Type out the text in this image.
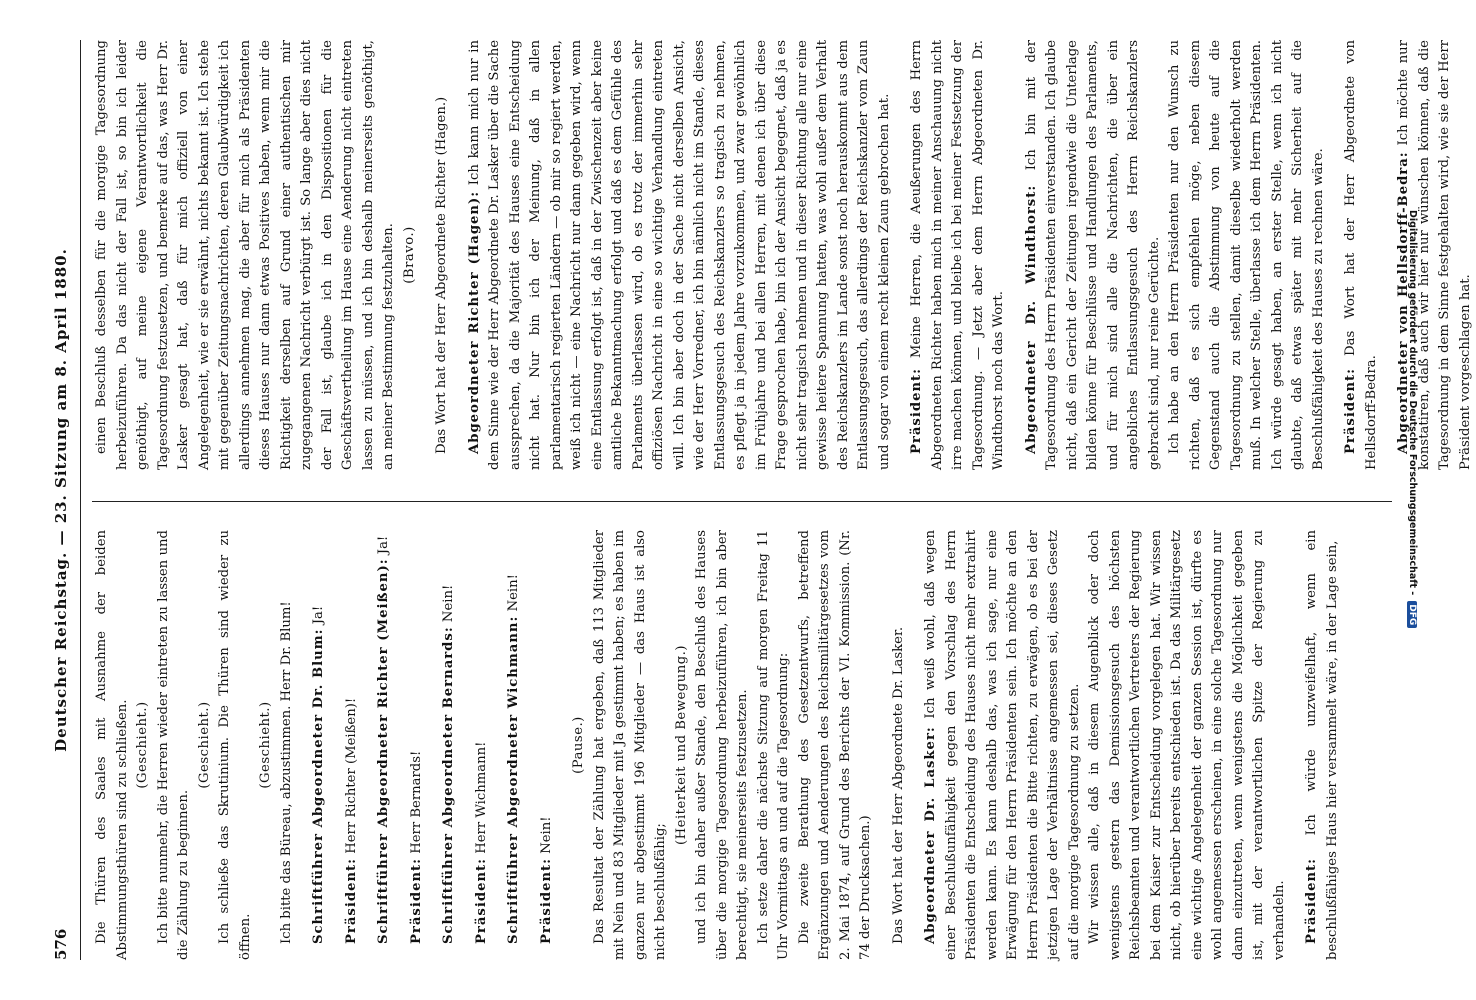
576
Deutscher Reichstag. — 23. Sitzung am 8. April 1880. Die Thüren des Saales mit Ausnahme der beiden Abstimmungsthüren sind zu schließen. (Geschieht.) Ich bitte nunmehr, die Herren wieder eintreten zu lassen und die Zählung zu beginnen.

(Geschieht.) Ich schließe das Skrutinium. Die Thüren sind wieder zu öffnen.

(Geschieht.) Ich bitte das Büreau, abzustimmen. Herr Dr. Blum! Schriftführer Abgeordneter Dr. Blum: Ja!

Präsident: Herr Richter (Meißen)! Schriftführer Abgeordneter Richter (Meißen): Ja!

Präsident: Herr Bernards! Schriftführer Abgeordneter Bernards: Nein!

Präsident: Herr Wichmann! Schriftführer Abgeordneter Wichmann: Nein!

Präsident: Nein!

(Pause.) Das Resultat der Zählung hat ergeben, daß 113 Mitglieder mit Nein und 83 Mitglieder mit Ja gestimmt haben; es haben im ganzen nur abgestimmt 196 Mitglieder — das Haus ist also nicht beschlußfähig;

(Heiterkeit und Bewegung.) und ich bin daher außer Stande, den Beschluß des Hauses über die morgige Tagesordnung herbeizuführen, ich bin aber berechtigt, sie meinerseits festzusetzen. Ich setze daher die nächste Sitzung auf morgen Freitag 11 Uhr Vormittags an und auf die Tagesordnung: Die zweite Berathung des Gesetzentwurfs, betreffend Ergänzungen und Aenderungen des Reichsmilitärgesetzes vom 2. Mai 1874, auf Grund des Berichts der VI. Kommission. (Nr. 74 der Drucksachen.) Das Wort hat der Herr Abgeordnete Dr. Lasker. Abgeordneter Dr. Lasker: Ich weiß wohl, daß wegen einer Beschlußunfähigkeit gegen den Vorschlag des Herrn Präsidenten die Entscheidung des Hauses nicht mehr extrahirt werden kann. Es kann deshalb das, was ich sage, nur eine Erwägung für den Herrn Präsidenten sein. Ich möchte an den Herrn Präsidenten die Bitte richten, zu erwägen, ob es bei der jetzigen Lage der Verhältnisse angemessen sei, dieses Gesetz auf die morgige Tagesordnung zu setzen. Wir wissen alle, daß in diesem Augenblick oder doch wenigstens gestern das Demissionsgesuch des höchsten Reichsbeamten und verantwortlichen Vertreters der Regierung bei dem Kaiser zur Entscheidung vorgelegen hat. Wir wissen nicht, ob hierüber bereits entschieden ist. Da das Militärgesetz eine wichtige Angelegenheit der ganzen Session ist, dürfte es wohl angemessen erscheinen, in eine solche Tagesordnung nur dann einzutreten, wenn wenigstens die Möglichkeit gegeben ist, mit der verantwortlichen Spitze der Regierung zu verhandeln. Präsident: Ich würde unzweifelhaft, wenn ein beschlußfähiges Haus hier versammelt wäre, in der Lage sein,

einen Beschluß desselben für die morgige Tagesordnung herbeizuführen. Da das nicht der Fall ist, so bin ich leider genöthigt, auf meine eigene Verantwortlichkeit die Tagesordnung festzusetzen, und bemerke auf das, was Herr Dr. Lasker gesagt hat, daß für mich offiziell von einer Angelegenheit, wie er sie erwähnt, nichts bekannt ist. Ich stehe mit gegenüber Zeitungsnachrichten, deren Glaubwürdigkeit ich allerdings annehmen mag, die aber für mich als Präsidenten dieses Hauses nur dann etwas Positives haben, wenn mir die Richtigkeit derselben auf Grund einer authentischen mir zugegangenen Nachricht verbürgt ist. So lange aber dies nicht der Fall ist, glaube ich in den Dispositionen für die Geschäftsvertheilung im Hause eine Aenderung nicht eintreten lassen zu müssen, und ich bin deshalb meinerseits genöthigt, an meiner Bestimmung festzuhalten. (Bravo.) Das Wort hat der Herr Abgeordnete Richter (Hagen.) Abgeordneter Richter (Hagen): Ich kann mich nur in dem Sinne wie der Herr Abgeordnete Dr. Lasker über die Sache aussprechen, da die Majorität des Hauses eine Entscheidung nicht hat. Nur bin ich der Meinung, daß in allen parlamentarisch regierten Ländern — ob mir so regiert werden, weiß ich nicht — eine Nachricht nur dann gegeben wird, wenn eine Entlassung erfolgt ist, daß in der Zwischenzeit aber keine amtliche Bekanntmachung erfolgt und daß es dem Gefühle des Parlaments überlassen wird, ob es trotz der immerhin sehr offiziösen Nachricht in eine so wichtige Verhandlung eintreten will. Ich bin aber doch in der Sache nicht derselben Ansicht, wie der Herr Vorredner, ich bin nämlich nicht im Stande, dieses Entlassungsgesuch des Reichskanzlers so tragisch zu nehmen, es pflegt ja in jedem Jahre vorzukommen, und zwar gewöhnlich im Frühjahre und bei allen Herren, mit denen ich über diese Frage gesprochen habe, bin ich der Ansicht begegnet, daß ja es nicht sehr tragisch nehmen und in dieser Richtung alle nur eine gewisse heitere Spannung hatten, was wohl außer dem Verhalt des Reichskanzlers im Lande sonst noch herauskommt aus dem Entlassungsgesuch, das allerdings der Reichskanzler vom Zaun und sogar von einem recht kleinen Zaun gebrochen hat. Präsident: Meine Herren, die Aeußerungen des Herrn Abgeordneten Richter haben mich in meiner Anschauung nicht irre machen können, und bleibe ich bei meiner Festsetzung der Tagesordnung. — Jetzt aber dem Herrn Abgeordneten Dr. Windthorst noch das Wort. Abgeordneter Dr. Windthorst: Ich bin mit der Tagesordnung des Herrn Präsidenten einverstanden. Ich glaube nicht, daß ein Gericht der Zeitungen irgendwie die Unterlage bilden könne für Beschlüsse und Handlungen des Parlaments, und für mich sind alle die Nachrichten, die über ein angebliches Entlassungsgesuch des Herrn Reichskanzlers gebracht sind, nur reine Gerüchte. Ich habe an den Herrn Präsidenten nur den Wunsch zu richten, daß es sich empfehlen möge, neben diesem Gegenstand auch die Abstimmung von heute auf die Tagesordnung zu stellen, damit dieselbe wiederholt werden muß. In welcher Stelle, überlasse ich dem Herrn Präsidenten. Ich würde gesagt haben, an erster Stelle, wenn ich nicht glaubte, daß etwas später mit mehr Sicherheit auf die Beschlußfähigkeit des Hauses zu rechnen wäre. Präsident: Das Wort hat der Herr Abgeordnete von Hellsdorff-Bedra. Abgeordneter von Hellsdorff-Bedra: Ich möchte nur konstatiren, daß auch wir hier nur wünschen können, daß die Tagesordnung in dem Sinne festgehalten wird, wie sie der Herr Präsident vorgeschlagen hat.

Digitalisierung gefördert durch die Deutsche Forschungsgemeinschaft -DFG
